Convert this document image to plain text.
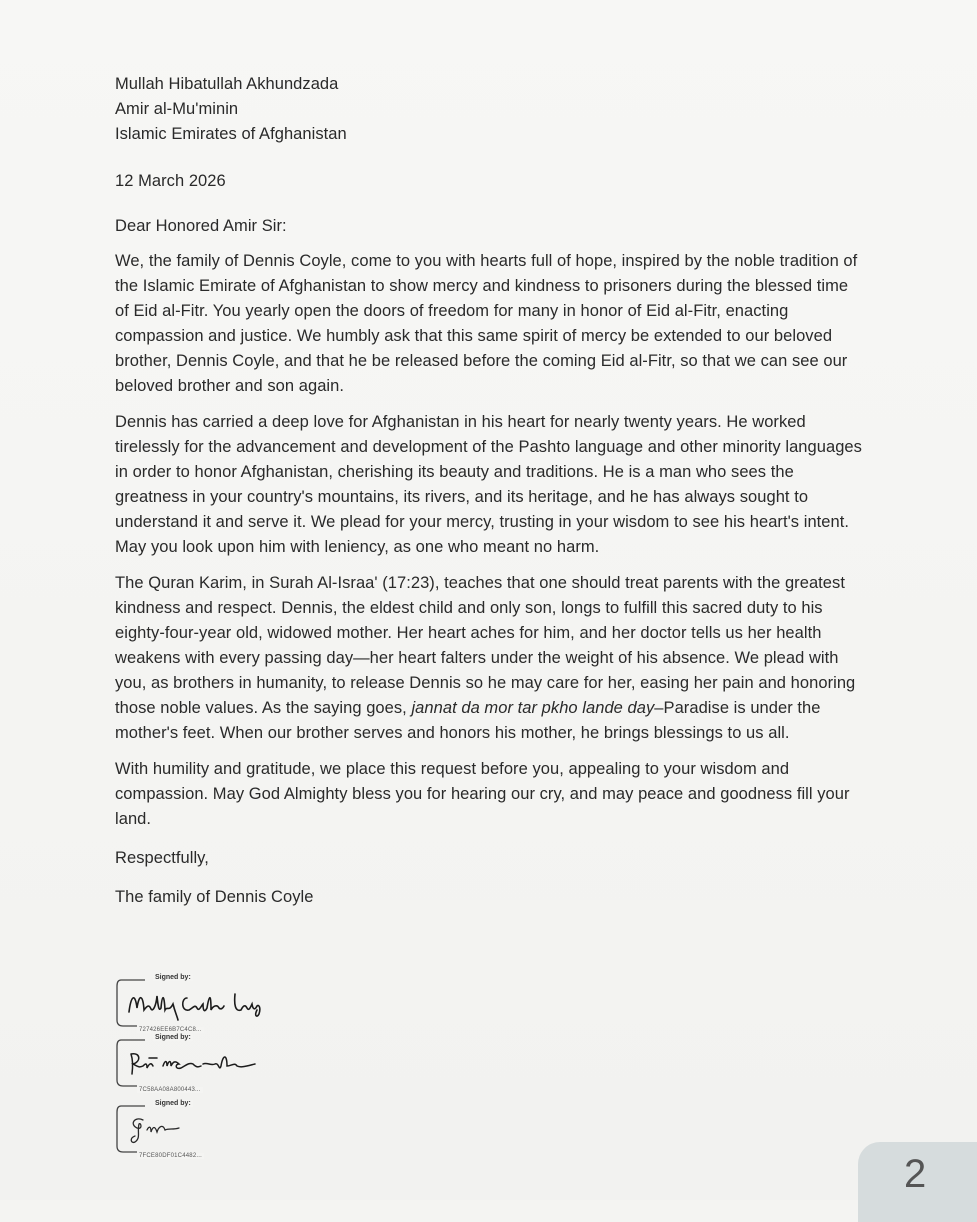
Mullah Hibatullah Akhundzada
Amir al-Mu'minin
Islamic Emirates of Afghanistan
12 March 2026
Dear Honored Amir Sir:

We, the family of Dennis Coyle, come to you with hearts full of hope, inspired by the noble tradition of the Islamic Emirate of Afghanistan to show mercy and kindness to prisoners during the blessed time of Eid al-Fitr. You yearly open the doors of freedom for many in honor of Eid al-Fitr, enacting compassion and justice. We humbly ask that this same spirit of mercy be extended to our beloved brother, Dennis Coyle, and that he be released before the coming Eid al-Fitr, so that we can see our beloved brother and son again.

Dennis has carried a deep love for Afghanistan in his heart for nearly twenty years. He worked tirelessly for the advancement and development of the Pashto language and other minority languages in order to honor Afghanistan, cherishing its beauty and traditions. He is a man who sees the greatness in your country's mountains, its rivers, and its heritage, and he has always sought to understand it and serve it. We plead for your mercy, trusting in your wisdom to see his heart's intent. May you look upon him with leniency, as one who meant no harm.

The Quran Karim, in Surah Al-Israa' (17:23), teaches that one should treat parents with the greatest kindness and respect. Dennis, the eldest child and only son, longs to fulfill this sacred duty to his eighty-four-year old, widowed mother. Her heart aches for him, and her doctor tells us her health weakens with every passing day—her heart falters under the weight of his absence. We plead with you, as brothers in humanity, to release Dennis so he may care for her, easing her pain and honoring those noble values. As the saying goes, jannat da mor tar pkho lande day–Paradise is under the mother's feet. When our brother serves and honors his mother, he brings blessings to us all.

With humility and gratitude, we place this request before you, appealing to your wisdom and compassion. May God Almighty bless you for hearing our cry, and may peace and goodness fill your land.

Respectfully,
The family of Dennis Coyle
Signed by:
727426EE6B7C4C8...
Signed by:
7C58AA08A800443...
Signed by:
7FCE80DF01C4482...	2
